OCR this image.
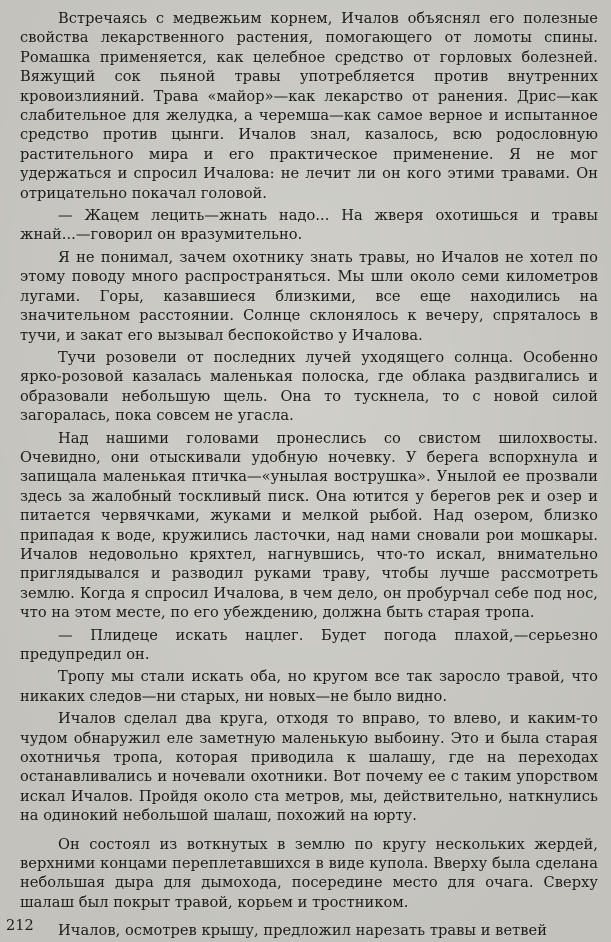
Встречаясь с медвежьим корнем, Ичалов объяснял его полезные свойства лекарственного растения, помогающего от ломоты спины. Ромашка применяется, как целебное средство от горловых болезней. Вяжущий сок пьяной травы употребляется против внутренних кровоизлияний. Трава «майор»—как лекарство от ранения. Дрис—как слабительное для желудка, а черемша—как самое верное и испытанное средство против цынги. Ичалов знал, казалось, всю родословную растительного мира и его практическое применение. Я не мог удержаться и спросил Ичалова: не лечит ли он кого этими травами. Он отрицательно покачал головой.

— Жацем лецить—жнать надо... На жверя охотишься и травы жнай...—говорил он вразумительно.

Я не понимал, зачем охотнику знать травы, но Ичалов не хотел по этому поводу много распространяться. Мы шли около семи километров лугами. Горы, казавшиеся близкими, все еще находились на значительном расстоянии. Солнце склонялось к вечеру, спряталось в тучи, и закат его вызывал беспокойство у Ичалова.

Тучи розовели от последних лучей уходящего солнца. Особенно ярко-розовой казалась маленькая полоска, где облака раздвигались и образовали небольшую щель. Она то тускнела, то с новой силой загоралась, пока совсем не угасла.

Над нашими головами пронеслись со свистом шилохвосты. Очевидно, они отыскивали удобную ночевку. У берега вспорхнула и запищала маленькая птичка—«унылая вострушка». Унылой ее прозвали здесь за жалобный тоскливый писк. Она ютится у берегов рек и озер и питается червячками, жуками и мелкой рыбой. Над озером, близко припадая к воде, кружились ласточки, над нами сновали рои мошкары. Ичалов недовольно кряхтел, нагнувшись, что-то искал, внимательно приглядывался и разводил руками траву, чтобы лучше рассмотреть землю. Когда я спросил Ичалова, в чем дело, он пробурчал себе под нос, что на этом месте, по его убеждению, должна быть старая тропа.

— Плидеце искать нацлег. Будет погода плахой,—серьезно предупредил он.

Тропу мы стали искать оба, но кругом все так заросло травой, что никаких следов—ни старых, ни новых—не было видно.

Ичалов сделал два круга, отходя то вправо, то влево, и каким-то чудом обнаружил еле заметную маленькую выбоину. Это и была старая охотничья тропа, которая приводила к шалашу, где на переходах останавливались и ночевали охотники. Вот почему ее с таким упорством искал Ичалов. Пройдя около ста метров, мы, действительно, наткнулись на одинокий небольшой шалаш, похожий на юрту.

Он состоял из воткнутых в землю по кругу нескольких жердей, верхними концами переплетавшихся в виде купола. Вверху была сделана небольшая дыра для дымохода, посередине место для очага. Сверху шалаш был покрыт травой, корьем и тростником.

Ичалов, осмотрев крышу, предложил нарезать травы и ветвей

212
